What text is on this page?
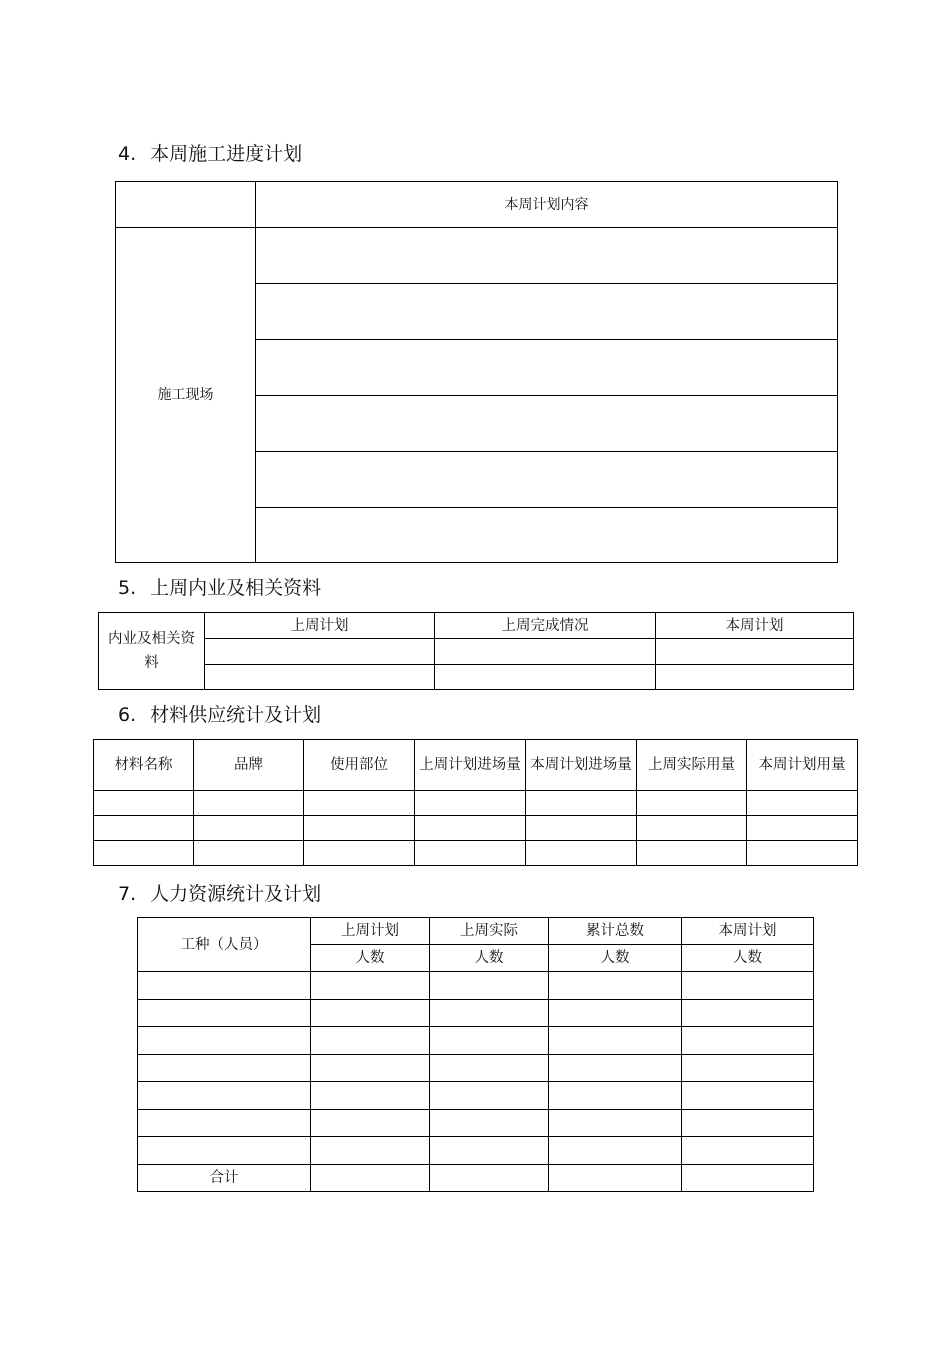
4. 本周施工进度计划
	本周计划内容
施工现场	

5. 上周内业及相关资料
内业及相关资料	上周计划	上周完成情况	本周计划

6. 材料供应统计及计划
材料名称	品牌	使用部位	上周计划进场量	本周计划进场量	上周实际用量	本周计划用量

7. 人力资源统计及计划
工种（人员）	上周计划	上周实际	累计总数	本周计划
	人数	人数	人数	人数

合计				
